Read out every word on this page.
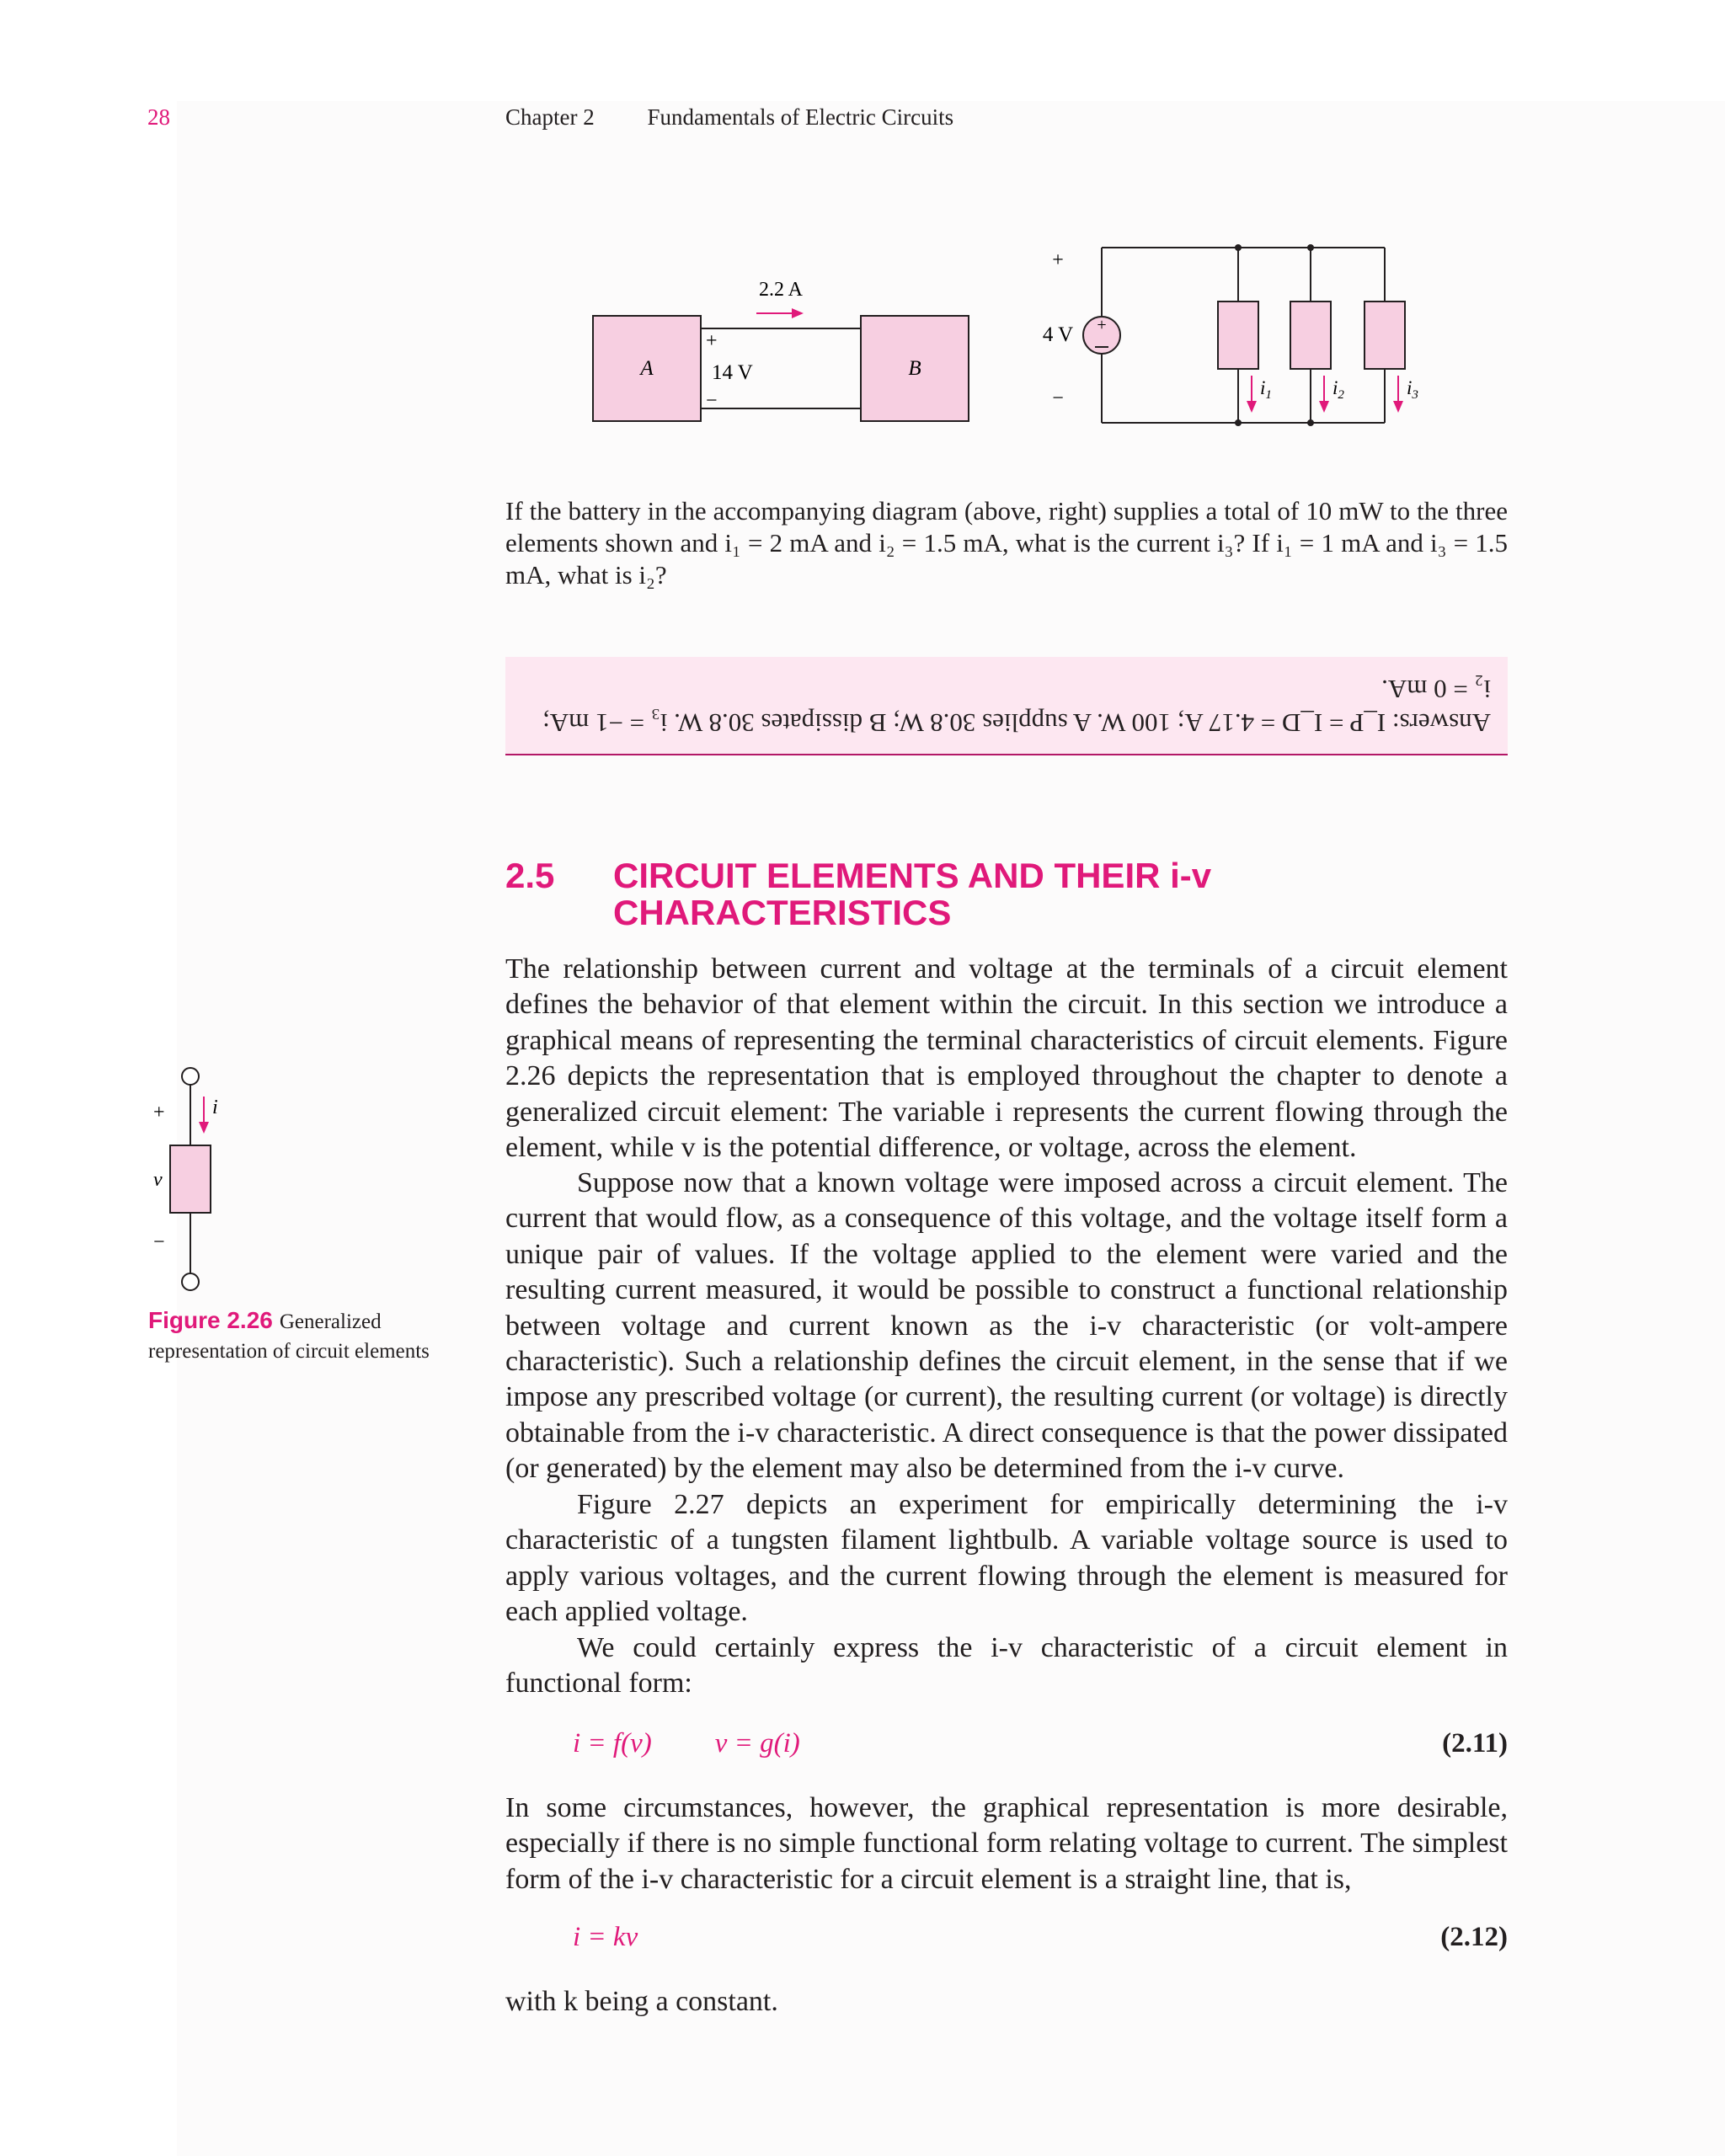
28	Chapter 2 Fundamentals of Electric Circuits
2.2 A
A	B
+
14 V
−
+
4 V
−
+
$i_1$	$i_2$	$i_3$
If the battery in the accompanying diagram (above, right) supplies a total of 10 mW to the three elements shown and i₁ = 2 mA and i₂ = 1.5 mA, what is the current i₃? If i₁ = 1 mA and i₃ = 1.5 mA, what is i₂?
Answers: I_P = I_D = 4.17 A; 100 W. A supplies 30.8 W; B dissipates 30.8 W. i₃ = −1 mA; i₂ = 0 mA.
2.5 CIRCUIT ELEMENTS AND THEIR i-v
CHARACTERISTICS
i
+
v
−
Figure 2.26 Generalized representation of circuit elements
The relationship between current and voltage at the terminals of a circuit element defines the behavior of that element within the circuit. In this section we introduce a graphical means of representing the terminal characteristics of circuit elements. Figure 2.26 depicts the representation that is employed throughout the chapter to denote a generalized circuit element: The variable i represents the current flowing through the element, while v is the potential difference, or voltage, across the element.
Suppose now that a known voltage were imposed across a circuit element. The current that would flow, as a consequence of this voltage, and the voltage itself form a unique pair of values. If the voltage applied to the element were varied and the resulting current measured, it would be possible to construct a functional relationship between voltage and current known as the i-v characteristic (or volt-ampere characteristic). Such a relationship defines the circuit element, in the sense that if we impose any prescribed voltage (or current), the resulting current (or voltage) is directly obtainable from the i-v characteristic. A direct consequence is that the power dissipated (or generated) by the element may also be determined from the i-v curve.
Figure 2.27 depicts an experiment for empirically determining the i-v characteristic of a tungsten filament lightbulb. A variable voltage source is used to apply various voltages, and the current flowing through the element is measured for each applied voltage.
We could certainly express the i-v characteristic of a circuit element in functional form:
i = f(v) v = g(i)	(2.11)
In some circumstances, however, the graphical representation is more desirable, especially if there is no simple functional form relating voltage to current. The simplest form of the i-v characteristic for a circuit element is a straight line, that is,
i = kv	(2.12)
with k being a constant.
